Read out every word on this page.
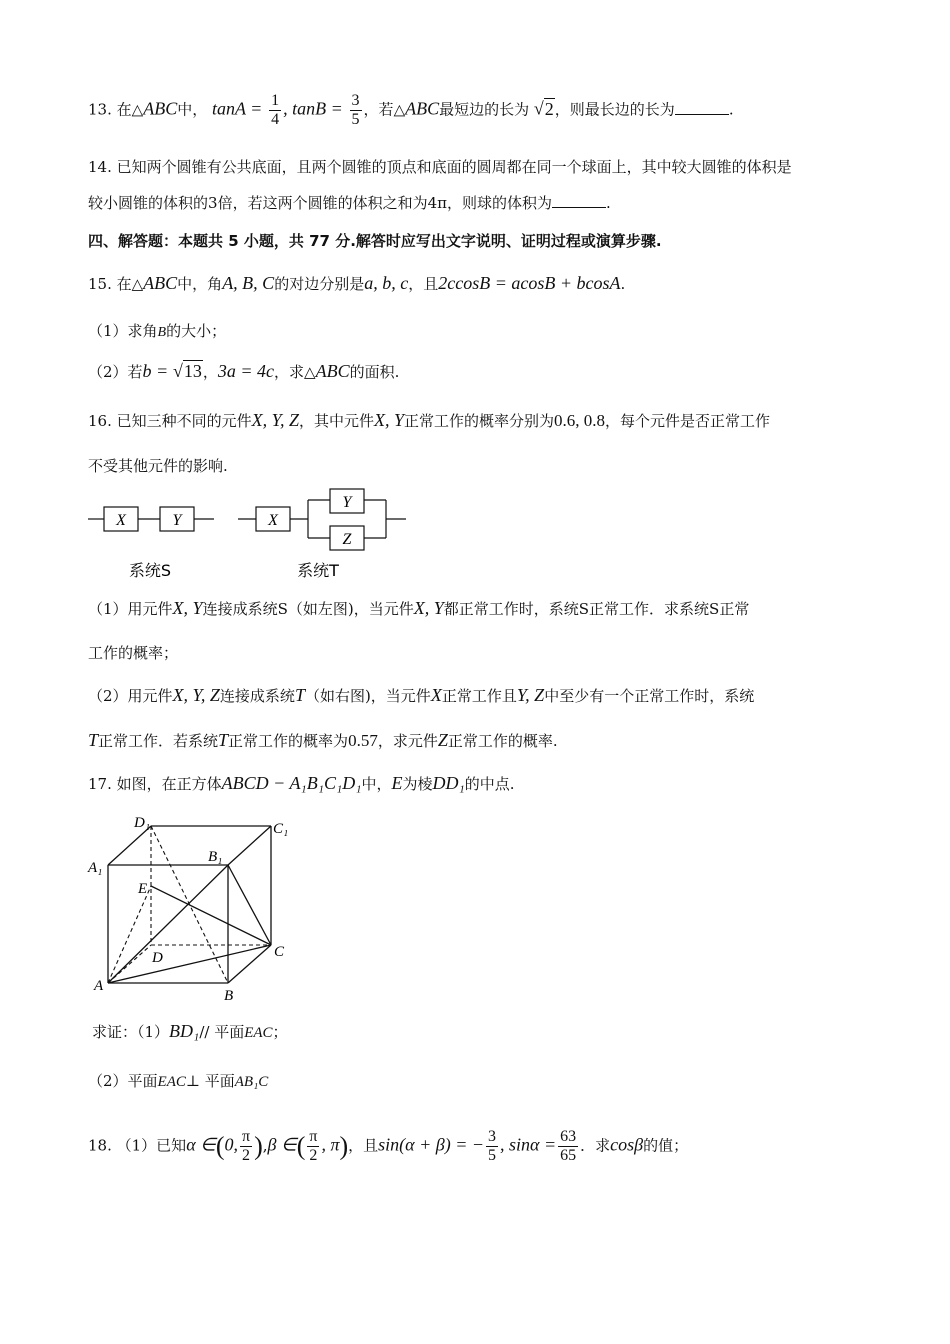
13. 在△ABC中， $\tan A = \frac{1}{4}$ , $\tan B = \frac{3}{5}$ ，若△ABC最短边的长为 √2，则最长边的长为	.
14. 已知两个圆锥有公共底面，且两个圆锥的顶点和底面的圆周都在同一个球面上，其中较大圆锥的体积是
较小圆锥的体积的3倍，若这两个圆锥的体积之和为4π，则球的体积为	.
四、解答题：本题共 5 小题，共 77 分.解答时应写出文字说明、证明过程或演算步骤.
15. 在△ABC中，角A, B, C的对边分别是a, b, c，且2ccosB = acosB + bcosA.
（1）求角B的大小；
（2）若b = √13，3a = 4c，求△ABC的面积.
16. 已知三种不同的元件X, Y, Z，其中元件X, Y正常工作的概率分别为0.6, 0.8，每个元件是否正常工作
不受其他元件的影响.
X	Y	X
Y
Z
系统S	系统T
（1）用元件X, Y连接成系统S（如左图)，当元件X, Y都正常工作时，系统S正常工作．求系统S正常
工作的概率；
（2）用元件X, Y, Z连接成系统T（如右图)，当元件X正常工作且Y, Z中至少有一个正常工作时，系统
T正常工作．若系统T正常工作的概率为0.57，求元件Z正常工作的概率.
17. 如图，在正方体ABCD − A₁B₁C₁D₁中，E为棱DD₁的中点.
D₁	C₁
A₁
B₁
E
D	C
A
B
求证：（1）BD₁// 平面EAC；
（2）平面EAC⊥ 平面AB₁C
18. （1）已知α ∈(0, $\frac{\pi}{2} ),\beta$ ∈( $\frac{\pi}{2}$ , π)，且sin(α + β) = − $\frac{3}{5}$ , $\sin\alpha = \frac{63}{65}$ ．求cosβ的值；
